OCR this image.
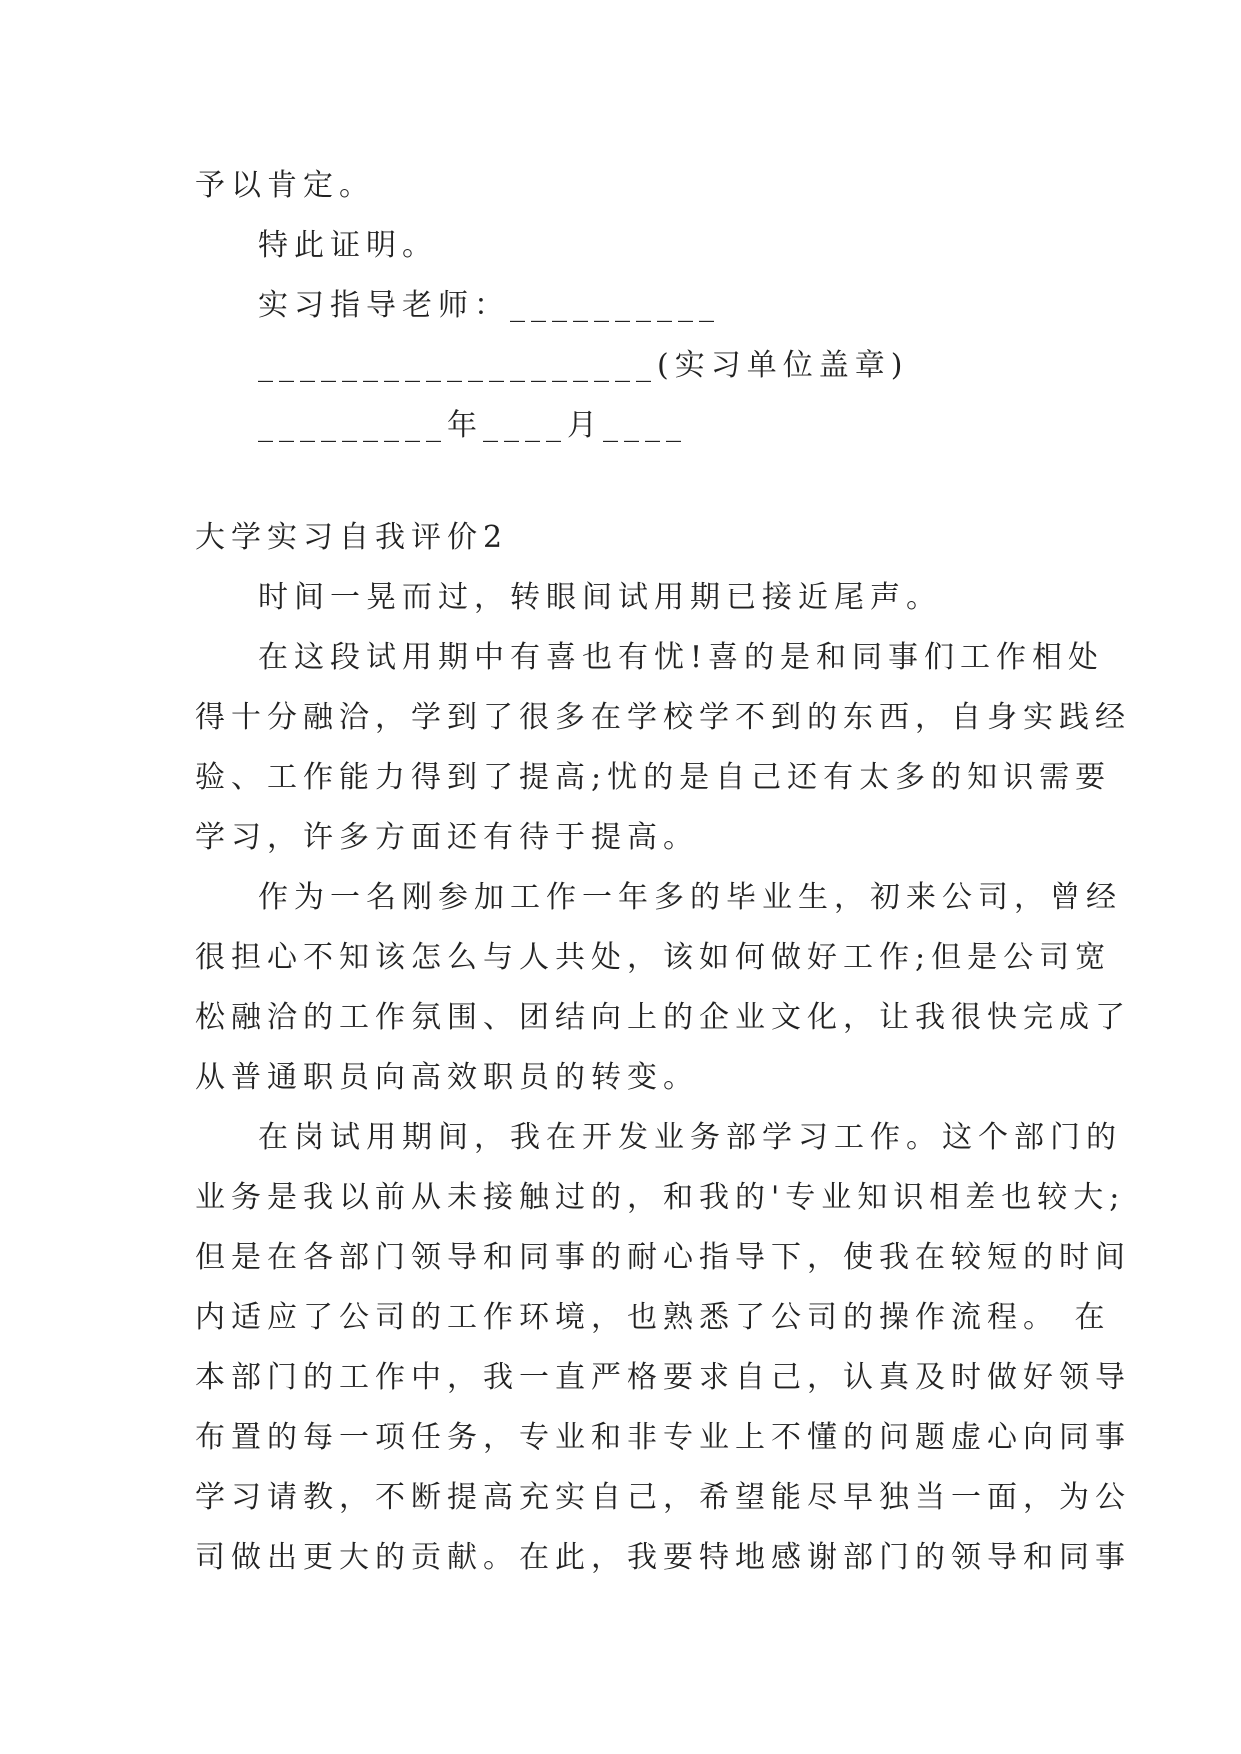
予以肯定。
特此证明。
实习指导老师：__________
___________________(实习单位盖章)
_________年____月____
大学实习自我评价2
时间一晃而过，转眼间试用期已接近尾声。
在这段试用期中有喜也有忧!喜的是和同事们工作相处
得十分融洽，学到了很多在学校学不到的东西，自身实践经
验、工作能力得到了提高;忧的是自己还有太多的知识需要
学习，许多方面还有待于提高。
作为一名刚参加工作一年多的毕业生，初来公司，曾经
很担心不知该怎么与人共处，该如何做好工作;但是公司宽
松融洽的工作氛围、团结向上的企业文化，让我很快完成了
从普通职员向高效职员的转变。
在岗试用期间，我在开发业务部学习工作。这个部门的
业务是我以前从未接触过的，和我的'专业知识相差也较大;
但是在各部门领导和同事的耐心指导下，使我在较短的时间
内适应了公司的工作环境，也熟悉了公司的操作流程。 在
本部门的工作中，我一直严格要求自己，认真及时做好领导
布置的每一项任务，专业和非专业上不懂的问题虚心向同事
学习请教，不断提高充实自己，希望能尽早独当一面，为公
司做出更大的贡献。在此，我要特地感谢部门的领导和同事
